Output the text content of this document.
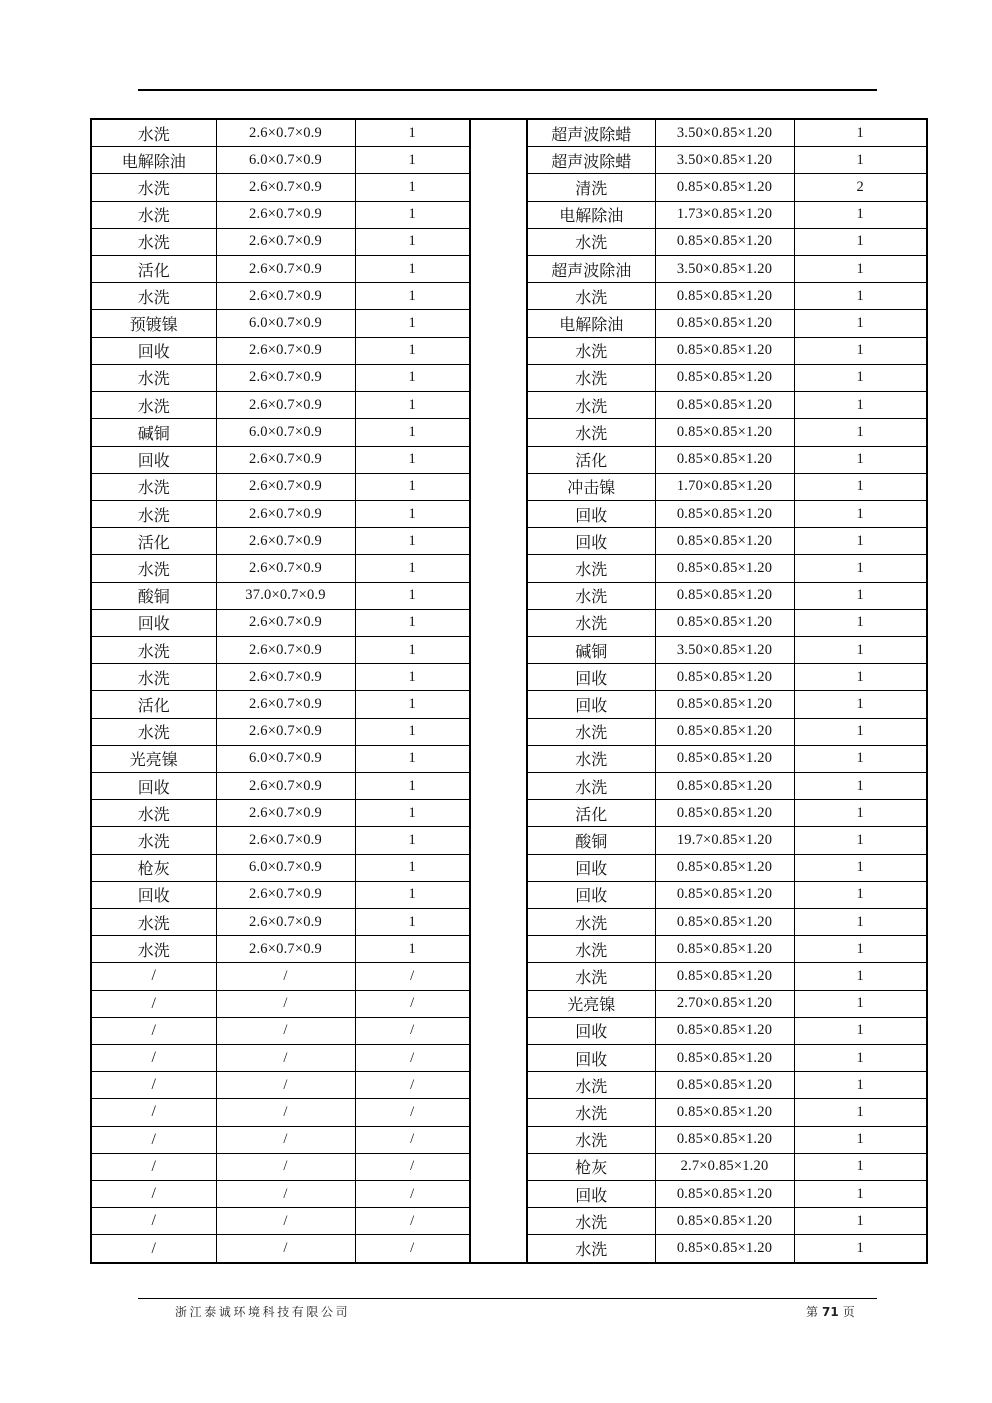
水洗	2.6×0.7×0.9	1		超声波除蜡	3.50×0.85×1.20	1
电解除油	6.0×0.7×0.9	1		超声波除蜡	3.50×0.85×1.20	1
水洗	2.6×0.7×0.9	1		清洗	0.85×0.85×1.20	2
水洗	2.6×0.7×0.9	1		电解除油	1.73×0.85×1.20	1
水洗	2.6×0.7×0.9	1		水洗	0.85×0.85×1.20	1
活化	2.6×0.7×0.9	1		超声波除油	3.50×0.85×1.20	1
水洗	2.6×0.7×0.9	1		水洗	0.85×0.85×1.20	1
预镀镍	6.0×0.7×0.9	1		电解除油	0.85×0.85×1.20	1
回收	2.6×0.7×0.9	1		水洗	0.85×0.85×1.20	1
水洗	2.6×0.7×0.9	1		水洗	0.85×0.85×1.20	1
水洗	2.6×0.7×0.9	1		水洗	0.85×0.85×1.20	1
碱铜	6.0×0.7×0.9	1		水洗	0.85×0.85×1.20	1
回收	2.6×0.7×0.9	1		活化	0.85×0.85×1.20	1
水洗	2.6×0.7×0.9	1		冲击镍	1.70×0.85×1.20	1
水洗	2.6×0.7×0.9	1		回收	0.85×0.85×1.20	1
活化	2.6×0.7×0.9	1		回收	0.85×0.85×1.20	1
水洗	2.6×0.7×0.9	1		水洗	0.85×0.85×1.20	1
酸铜	37.0×0.7×0.9	1		水洗	0.85×0.85×1.20	1
回收	2.6×0.7×0.9	1		水洗	0.85×0.85×1.20	1
水洗	2.6×0.7×0.9	1		碱铜	3.50×0.85×1.20	1
水洗	2.6×0.7×0.9	1		回收	0.85×0.85×1.20	1
活化	2.6×0.7×0.9	1		回收	0.85×0.85×1.20	1
水洗	2.6×0.7×0.9	1		水洗	0.85×0.85×1.20	1
光亮镍	6.0×0.7×0.9	1		水洗	0.85×0.85×1.20	1
回收	2.6×0.7×0.9	1		水洗	0.85×0.85×1.20	1
水洗	2.6×0.7×0.9	1		活化	0.85×0.85×1.20	1
水洗	2.6×0.7×0.9	1		酸铜	19.7×0.85×1.20	1
枪灰	6.0×0.7×0.9	1		回收	0.85×0.85×1.20	1
回收	2.6×0.7×0.9	1		回收	0.85×0.85×1.20	1
水洗	2.6×0.7×0.9	1		水洗	0.85×0.85×1.20	1
水洗	2.6×0.7×0.9	1		水洗	0.85×0.85×1.20	1
/	/	/		水洗	0.85×0.85×1.20	1
/	/	/		光亮镍	2.70×0.85×1.20	1
/	/	/		回收	0.85×0.85×1.20	1
/	/	/		回收	0.85×0.85×1.20	1
/	/	/		水洗	0.85×0.85×1.20	1
/	/	/		水洗	0.85×0.85×1.20	1
/	/	/		水洗	0.85×0.85×1.20	1
/	/	/		枪灰	2.7×0.85×1.20	1
/	/	/		回收	0.85×0.85×1.20	1
/	/	/		水洗	0.85×0.85×1.20	1
/	/	/		水洗	0.85×0.85×1.20	1
浙江泰诚环境科技有限公司	第 71 页
